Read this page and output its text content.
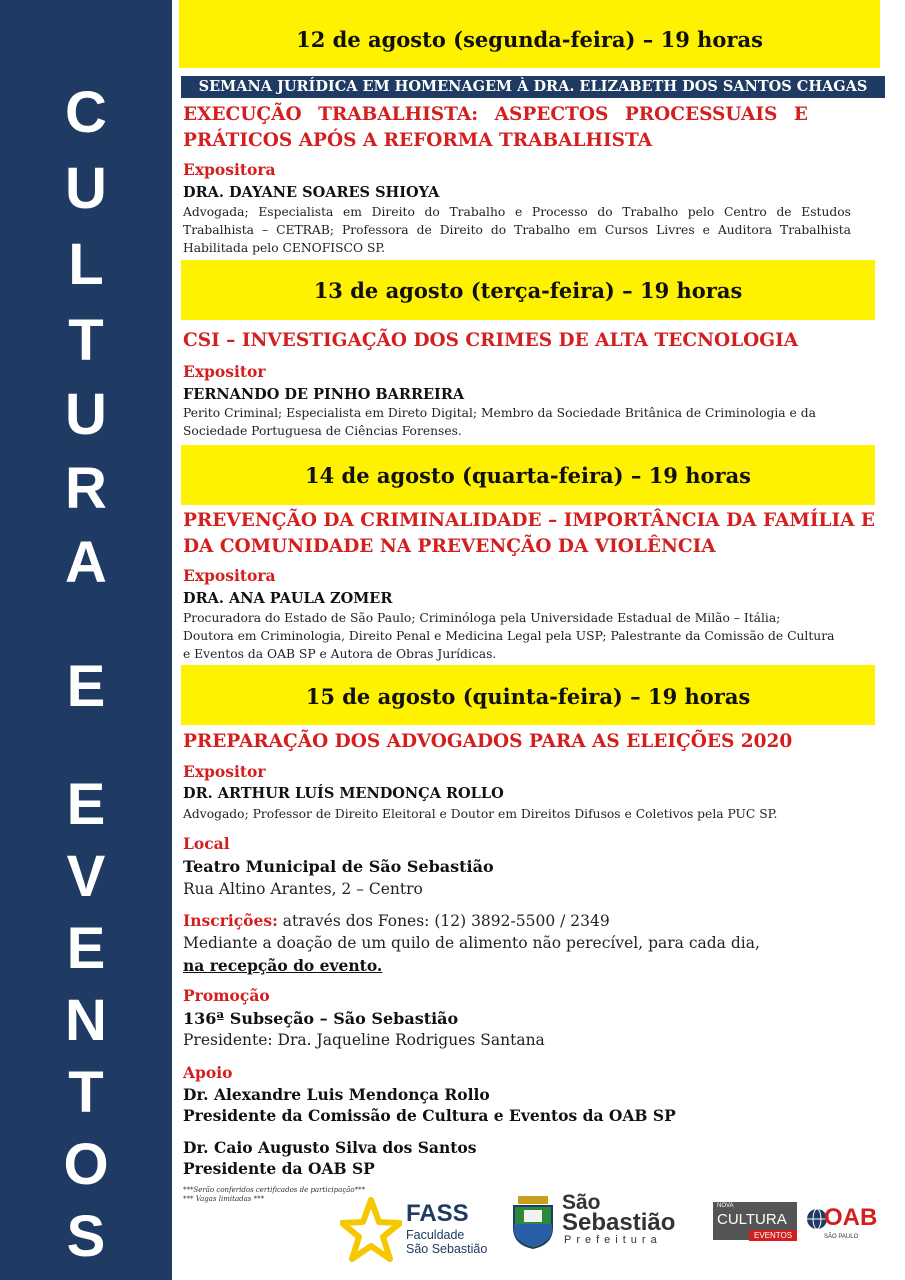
C
U
L
T
U
R
A
E
E
V
E
N
T
O
S
12 de agosto (segunda-feira) – 19 horas
SEMANA JURÍDICA EM HOMENAGEM À DRA. ELIZABETH DOS SANTOS CHAGAS
EXECUÇÃO TRABALHISTA: ASPECTOS PROCESSUAIS E
PRÁTICOS APÓS A REFORMA TRABALHISTA
Expositora
DRA. DAYANE SOARES SHIOYA
Advogada; Especialista em Direito do Trabalho e Processo do Trabalho pelo Centro de Estudos
Trabalhista – CETRAB; Professora de Direito do Trabalho em Cursos Livres e Auditora Trabalhista
Habilitada pelo CENOFISCO SP.
13 de agosto (terça-feira) – 19 horas
CSI – INVESTIGAÇÃO DOS CRIMES DE ALTA TECNOLOGIA
Expositor
FERNANDO DE PINHO BARREIRA
Perito Criminal; Especialista em Direto Digital; Membro da Sociedade Britânica de Criminologia e da
Sociedade Portuguesa de Ciências Forenses.
14 de agosto (quarta-feira) – 19 horas
PREVENÇÃO DA CRIMINALIDADE – IMPORTÂNCIA DA FAMÍLIA E
DA COMUNIDADE NA PREVENÇÃO DA VIOLÊNCIA
Expositora
DRA. ANA PAULA ZOMER
Procuradora do Estado de São Paulo; Criminóloga pela Universidade Estadual de Milão – Itália;
Doutora em Criminologia, Direito Penal e Medicina Legal pela USP; Palestrante da Comissão de Cultura
e Eventos da OAB SP e Autora de Obras Jurídicas.
15 de agosto (quinta-feira) – 19 horas
PREPARAÇÃO DOS ADVOGADOS PARA AS ELEIÇÕES 2020
Expositor
DR. ARTHUR LUÍS MENDONÇA ROLLO
Advogado; Professor de Direito Eleitoral e Doutor em Direitos Difusos e Coletivos pela PUC SP.
Local
Teatro Municipal de São Sebastião
Rua Altino Arantes, 2 – Centro
Inscrições: através dos Fones: (12) 3892-5500 / 2349
Mediante a doação de um quilo de alimento não perecível, para cada dia,
na recepção do evento.
Promoção
136ª Subseção – São Sebastião
Presidente: Dra. Jaqueline Rodrigues Santana
Apoio
Dr. Alexandre Luis Mendonça Rollo
Presidente da Comissão de Cultura e Eventos da OAB SP
Dr. Caio Augusto Silva dos Santos
Presidente da OAB SP
***Serão conferidos certificados de participação***
*** Vagas limitadas ***
FASS
Faculdade
São Sebastião
São
Sebastião
Prefeitura
NOVA
CULTURA
EVENTOS
OAB
SÃO PAULO
